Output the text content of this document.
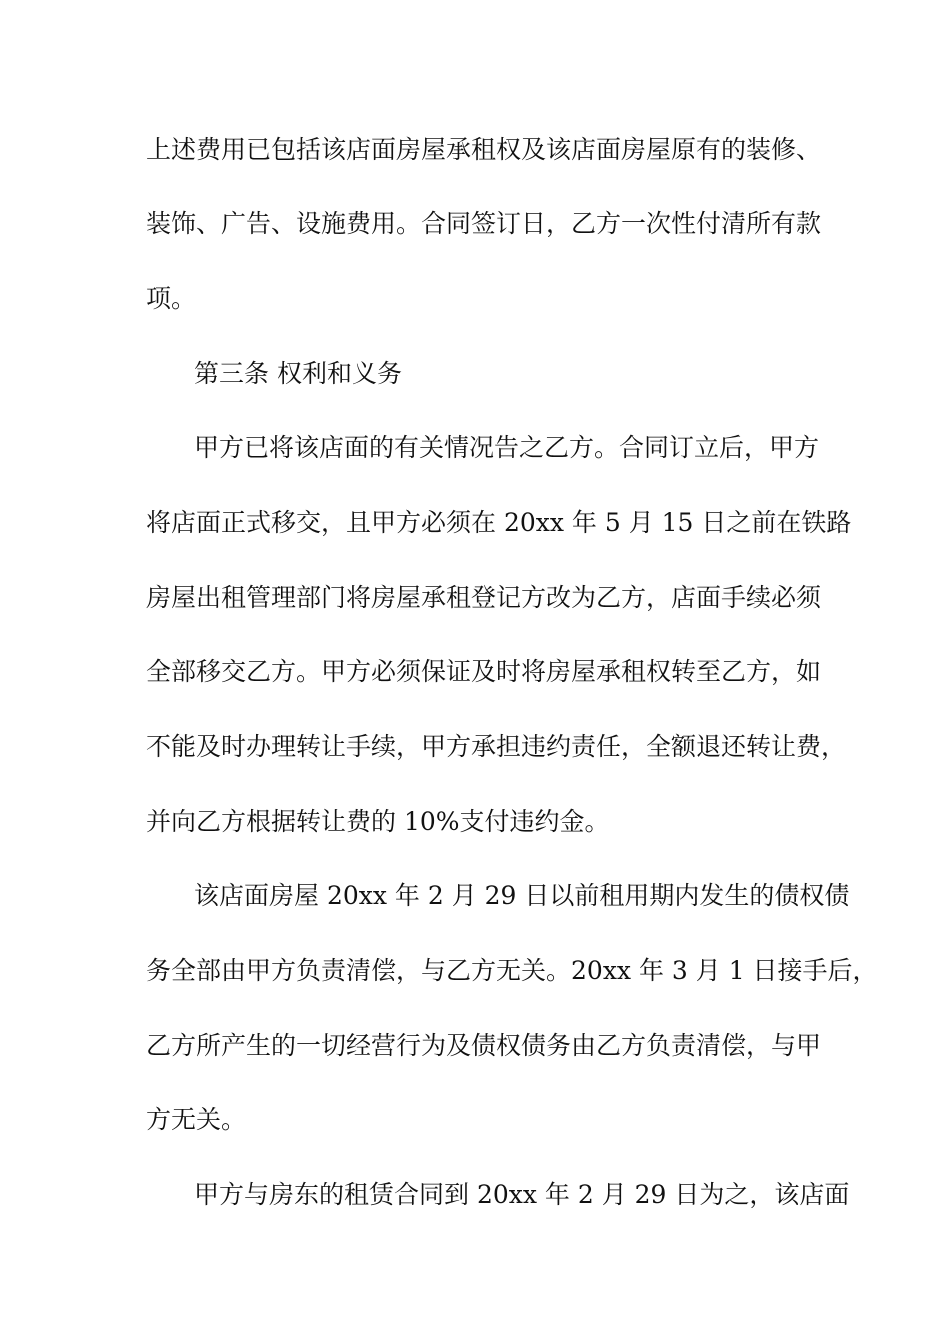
上述费用已包括该店面房屋承租权及该店面房屋原有的装修、
装饰、广告、设施费用。合同签订日，乙方一次性付清所有款
项。
第三条 权利和义务
甲方已将该店面的有关情况告之乙方。合同订立后，甲方
将店面正式移交，且甲方必须在 20xx 年 5 月 15 日之前在铁路
房屋出租管理部门将房屋承租登记方改为乙方，店面手续必须
全部移交乙方。甲方必须保证及时将房屋承租权转至乙方，如
不能及时办理转让手续，甲方承担违约责任，全额退还转让费，
并向乙方根据转让费的 10%支付违约金。
该店面房屋 20xx 年 2 月 29 日以前租用期内发生的债权债
务全部由甲方负责清偿，与乙方无关。20xx 年 3 月 1 日接手后，
乙方所产生的一切经营行为及债权债务由乙方负责清偿，与甲
方无关。
甲方与房东的租赁合同到 20xx 年 2 月 29 日为之，该店面
